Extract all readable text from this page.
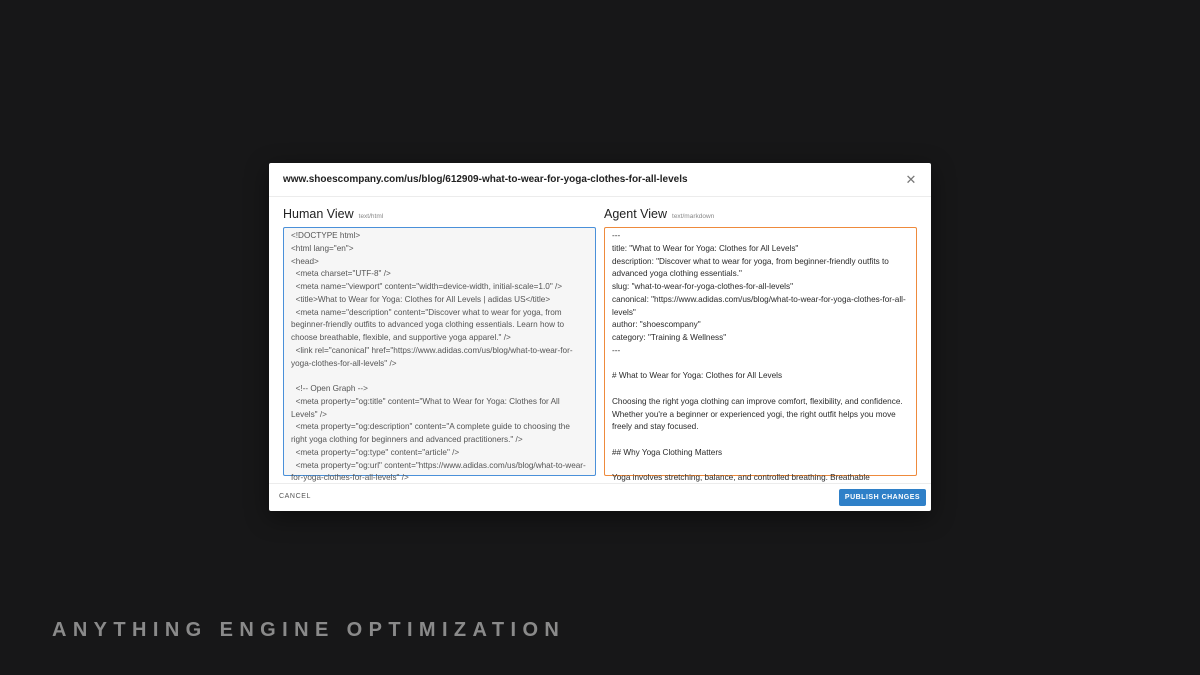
www.shoescompany.com/us/blog/612909-what-to-wear-for-yoga-clothes-for-all-levels	✕
Human View text/html	Agent View text/markdown
<!DOCTYPE html>
<html lang="en">
<head>
<meta charset="UTF-8" />
<meta name="viewport" content="width=device-width, initial-scale=1.0" />
<title>What to Wear for Yoga: Clothes for All Levels | adidas US</title>
<meta name="description" content="Discover what to wear for yoga, from beginner-friendly outfits to advanced yoga clothing essentials. Learn how to choose breathable, flexible, and supportive yoga apparel." />
<link rel="canonical" href="https://www.adidas.com/us/blog/what-to-wear-for-yoga-clothes-for-all-levels" />

<!-- Open Graph -->
<meta property="og:title" content="What to Wear for Yoga: Clothes for All Levels" />
<meta property="og:description" content="A complete guide to choosing the right yoga clothing for beginners and advanced practitioners." />
<meta property="og:type" content="article" />
<meta property="og:url" content="https://www.adidas.com/us/blog/what-to-wear-for-yoga-clothes-for-all-levels" />
---
title: "What to Wear for Yoga: Clothes for All Levels"
description: "Discover what to wear for yoga, from beginner-friendly outfits to advanced yoga clothing essentials."
slug: "what-to-wear-for-yoga-clothes-for-all-levels"
canonical: "https://www.adidas.com/us/blog/what-to-wear-for-yoga-clothes-for-all-levels"
author: "shoescompany"
category: "Training & Wellness"
---

# What to Wear for Yoga: Clothes for All Levels

Choosing the right yoga clothing can improve comfort, flexibility, and confidence. Whether you're a beginner or experienced yogi, the right outfit helps you move freely and stay focused.

## Why Yoga Clothing Matters

Yoga involves stretching, balance, and controlled breathing. Breathable
CANCEL	PUBLISH CHANGES
ANYTHING ENGINE OPTIMIZATION
